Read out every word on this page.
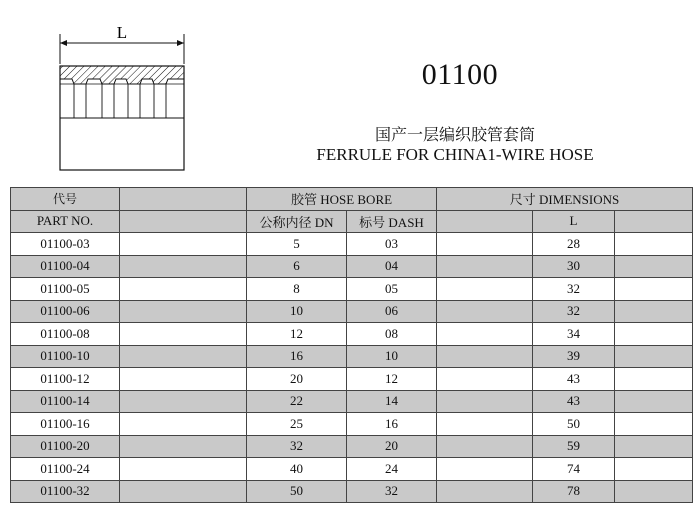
L
01100
国产一层编织胶管套筒
FERRULE FOR CHINA1-WIRE HOSE
代号		胶管 HOSE BORE		尺寸 DIMENSIONS		
PART NO.		公称内径 DN	标号 DASH		L	
01100-03		5	03		28	
01100-04		6	04		30	
01100-05		8	05		32	
01100-06		10	06		32	
01100-08		12	08		34	
01100-10		16	10		39	
01100-12		20	12		43	
01100-14		22	14		43	
01100-16		25	16		50	
01100-20		32	20		59	
01100-24		40	24		74	
01100-32		50	32		78	
